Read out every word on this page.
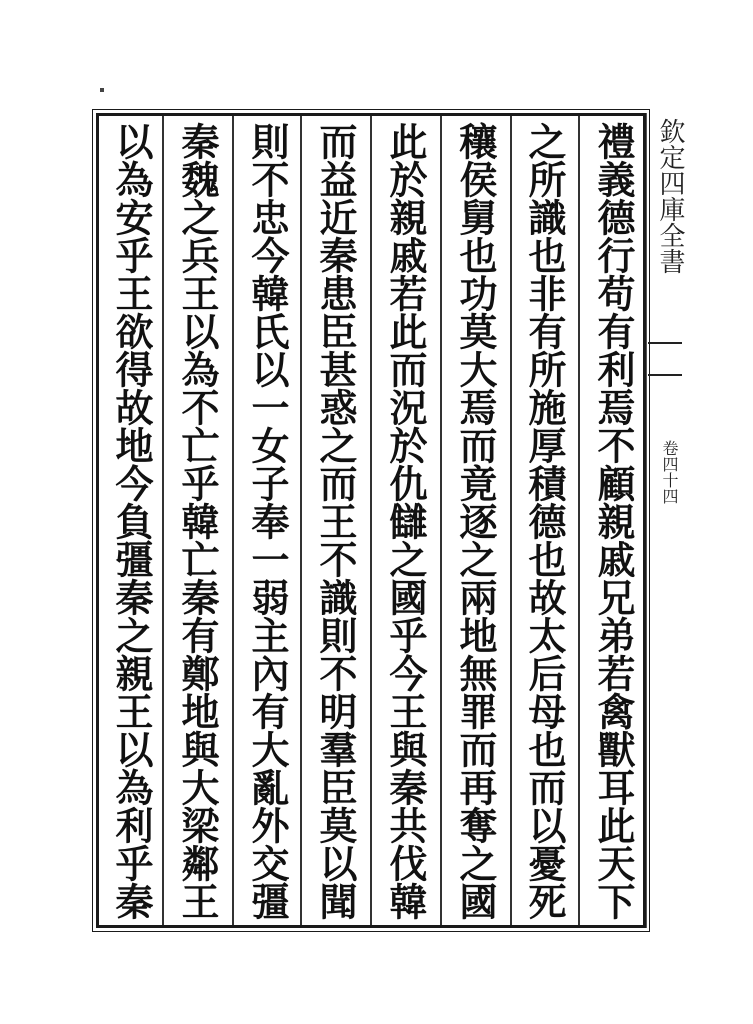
禮義德行苟有利焉不顧親戚兄弟若禽獸耳此天下
之所識也非有所施厚積德也故太后母也而以憂死
穰侯舅也功莫大焉而竟逐之兩地無罪而再奪之國
此於親戚若此而況於仇讎之國乎今王與秦共伐韓
而益近秦患臣甚惑之而王不識則不明羣臣莫以聞
則不忠今韓氏以一女子奉一弱主內有大亂外交彊
秦魏之兵王以為不亡乎韓亡秦有鄭地與大梁鄰王
以為安乎王欲得故地今負彊秦之親王以為利乎秦	欽定四庫全書
卷四十四
